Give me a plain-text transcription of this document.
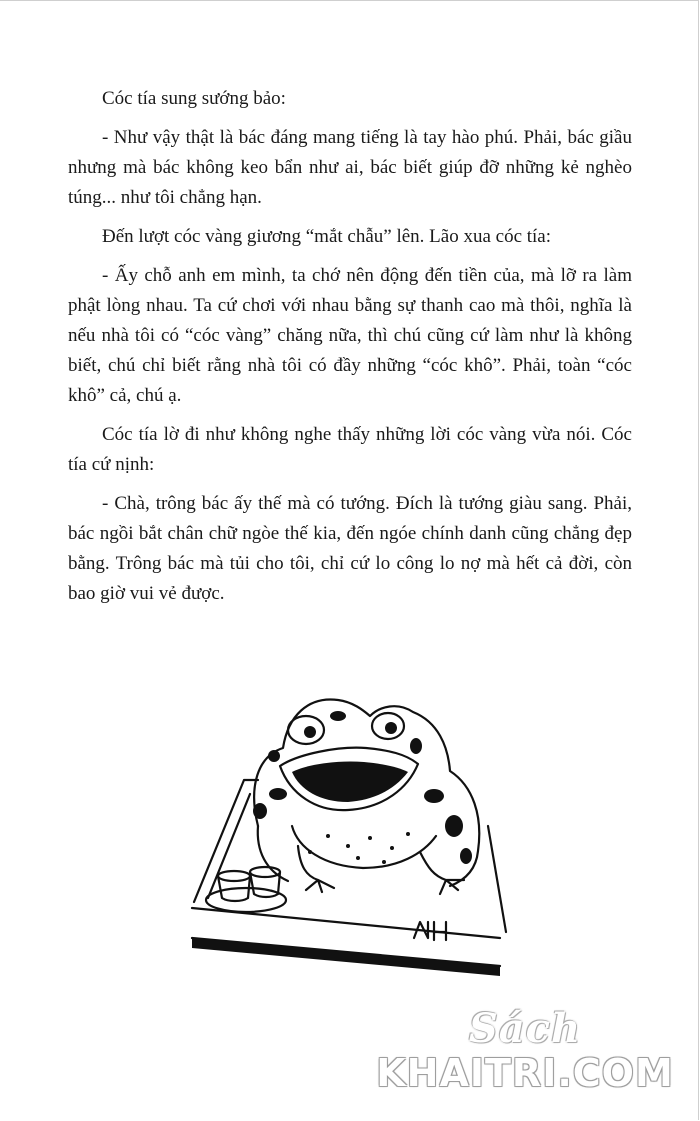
Cóc tía sung sướng bảo:

- Như vậy thật là bác đáng mang tiếng là tay hào phú. Phải, bác giầu nhưng mà bác không keo bẩn như ai, bác biết giúp đỡ những kẻ nghèo túng... như tôi chẳng hạn.

Đến lượt cóc vàng giương “mắt chẫu” lên. Lão xua cóc tía:

- Ấy chỗ anh em mình, ta chớ nên động đến tiền của, mà lỡ ra làm phật lòng nhau. Ta cứ chơi với nhau bằng sự thanh cao mà thôi, nghĩa là nếu nhà tôi có “cóc vàng” chăng nữa, thì chú cũng cứ làm như là không biết, chú chỉ biết rằng nhà tôi có đầy những “cóc khô”. Phải, toàn “cóc khô” cả, chú ạ.

Cóc tía lờ đi như không nghe thấy những lời cóc vàng vừa nói. Cóc tía cứ nịnh:

- Chà, trông bác ấy thế mà có tướng. Đích là tướng giàu sang. Phải, bác ngồi bắt chân chữ ngòe thế kia, đến ngóe chính danh cũng chẳng đẹp bằng. Trông bác mà tủi cho tôi, chỉ cứ lo công lo nợ mà hết cả đời, còn bao giờ vui vẻ được.

Sách
KHAITRI.COM
